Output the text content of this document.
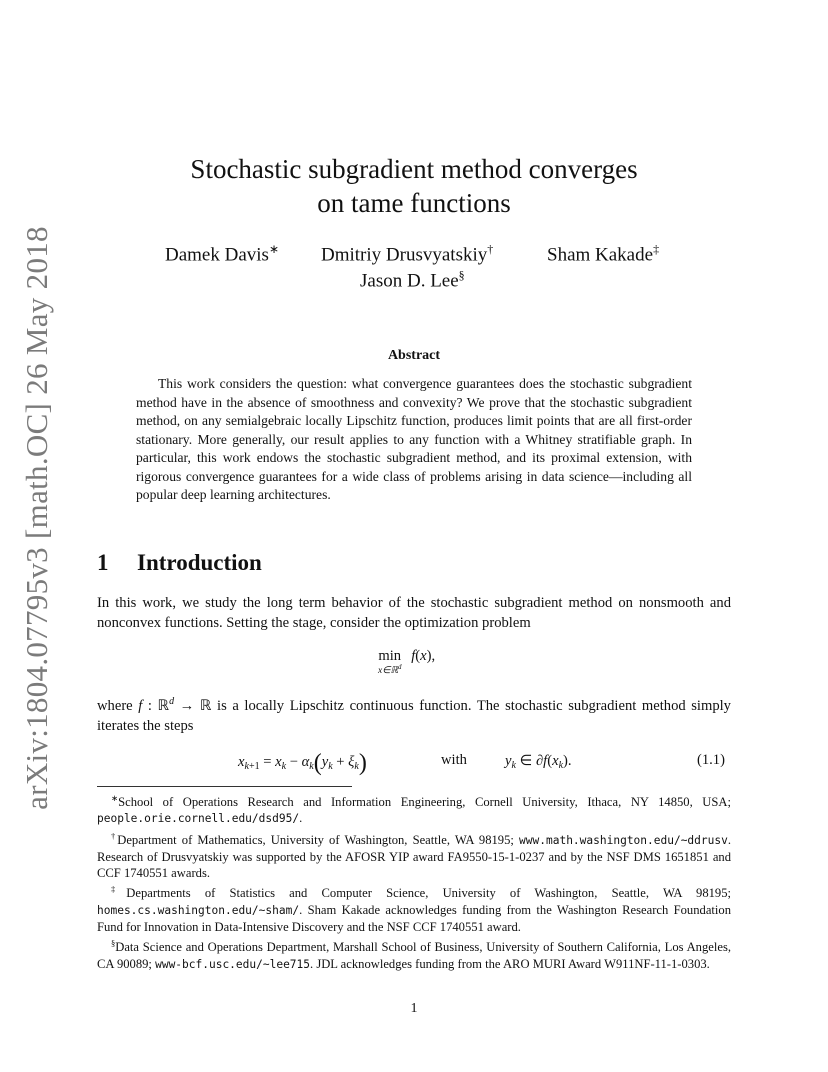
arXiv:1804.07795v3 [math.OC] 26 May 2018
Stochastic subgradient method converges
on tame functions
Damek Davis∗ Dmitriy Drusvyatskiy†	Sham Kakade‡
Jason D. Lee§
Abstract
This work considers the question: what convergence guarantees does the stochastic subgradient method have in the absence of smoothness and convexity? We prove that the stochastic subgradient method, on any semialgebraic locally Lipschitz function, produces limit points that are all first-order stationary. More generally, our result applies to any function with a Whitney stratifiable graph. In particular, this work endows the stochastic subgradient method, and its proximal extension, with rigorous convergence guarantees for a wide class of problems arising in data science—including all popular deep learning architectures.
1 Introduction
In this work, we study the long term behavior of the stochastic subgradient method on nonsmooth and nonconvex functions. Setting the stage, consider the optimization problem
min
x∈ℝ$^d$
f(x),
where f : ℝ$^d$ → ℝ is a locally Lipschitz continuous function. The stochastic subgradient method simply iterates the steps
$x_{k+1} = x_k - \alpha_k(y_k + \xi_k)$	with	$y_k$ ∈ $\partial f(x_k)$.	(1.1)

∗School of Operations Research and Information Engineering, Cornell University, Ithaca, NY 14850, USA; people.orie.cornell.edu/dsd95/.

†Department of Mathematics, University of Washington, Seattle, WA 98195; www.math.washington.edu/~ddrusv. Research of Drusvyatskiy was supported by the AFOSR YIP award FA9550-15-1-0237 and by the NSF DMS 1651851 and CCF 1740551 awards.

‡Departments of Statistics and Computer Science, University of Washington, Seattle, WA 98195; homes.cs.washington.edu/~sham/. Sham Kakade acknowledges funding from the Washington Research Foundation Fund for Innovation in Data-Intensive Discovery and the NSF CCF 1740551 award.

§Data Science and Operations Department, Marshall School of Business, University of Southern California, Los Angeles, CA 90089; www-bcf.usc.edu/~lee715. JDL acknowledges funding from the ARO MURI Award W911NF-11-1-0303.

1
